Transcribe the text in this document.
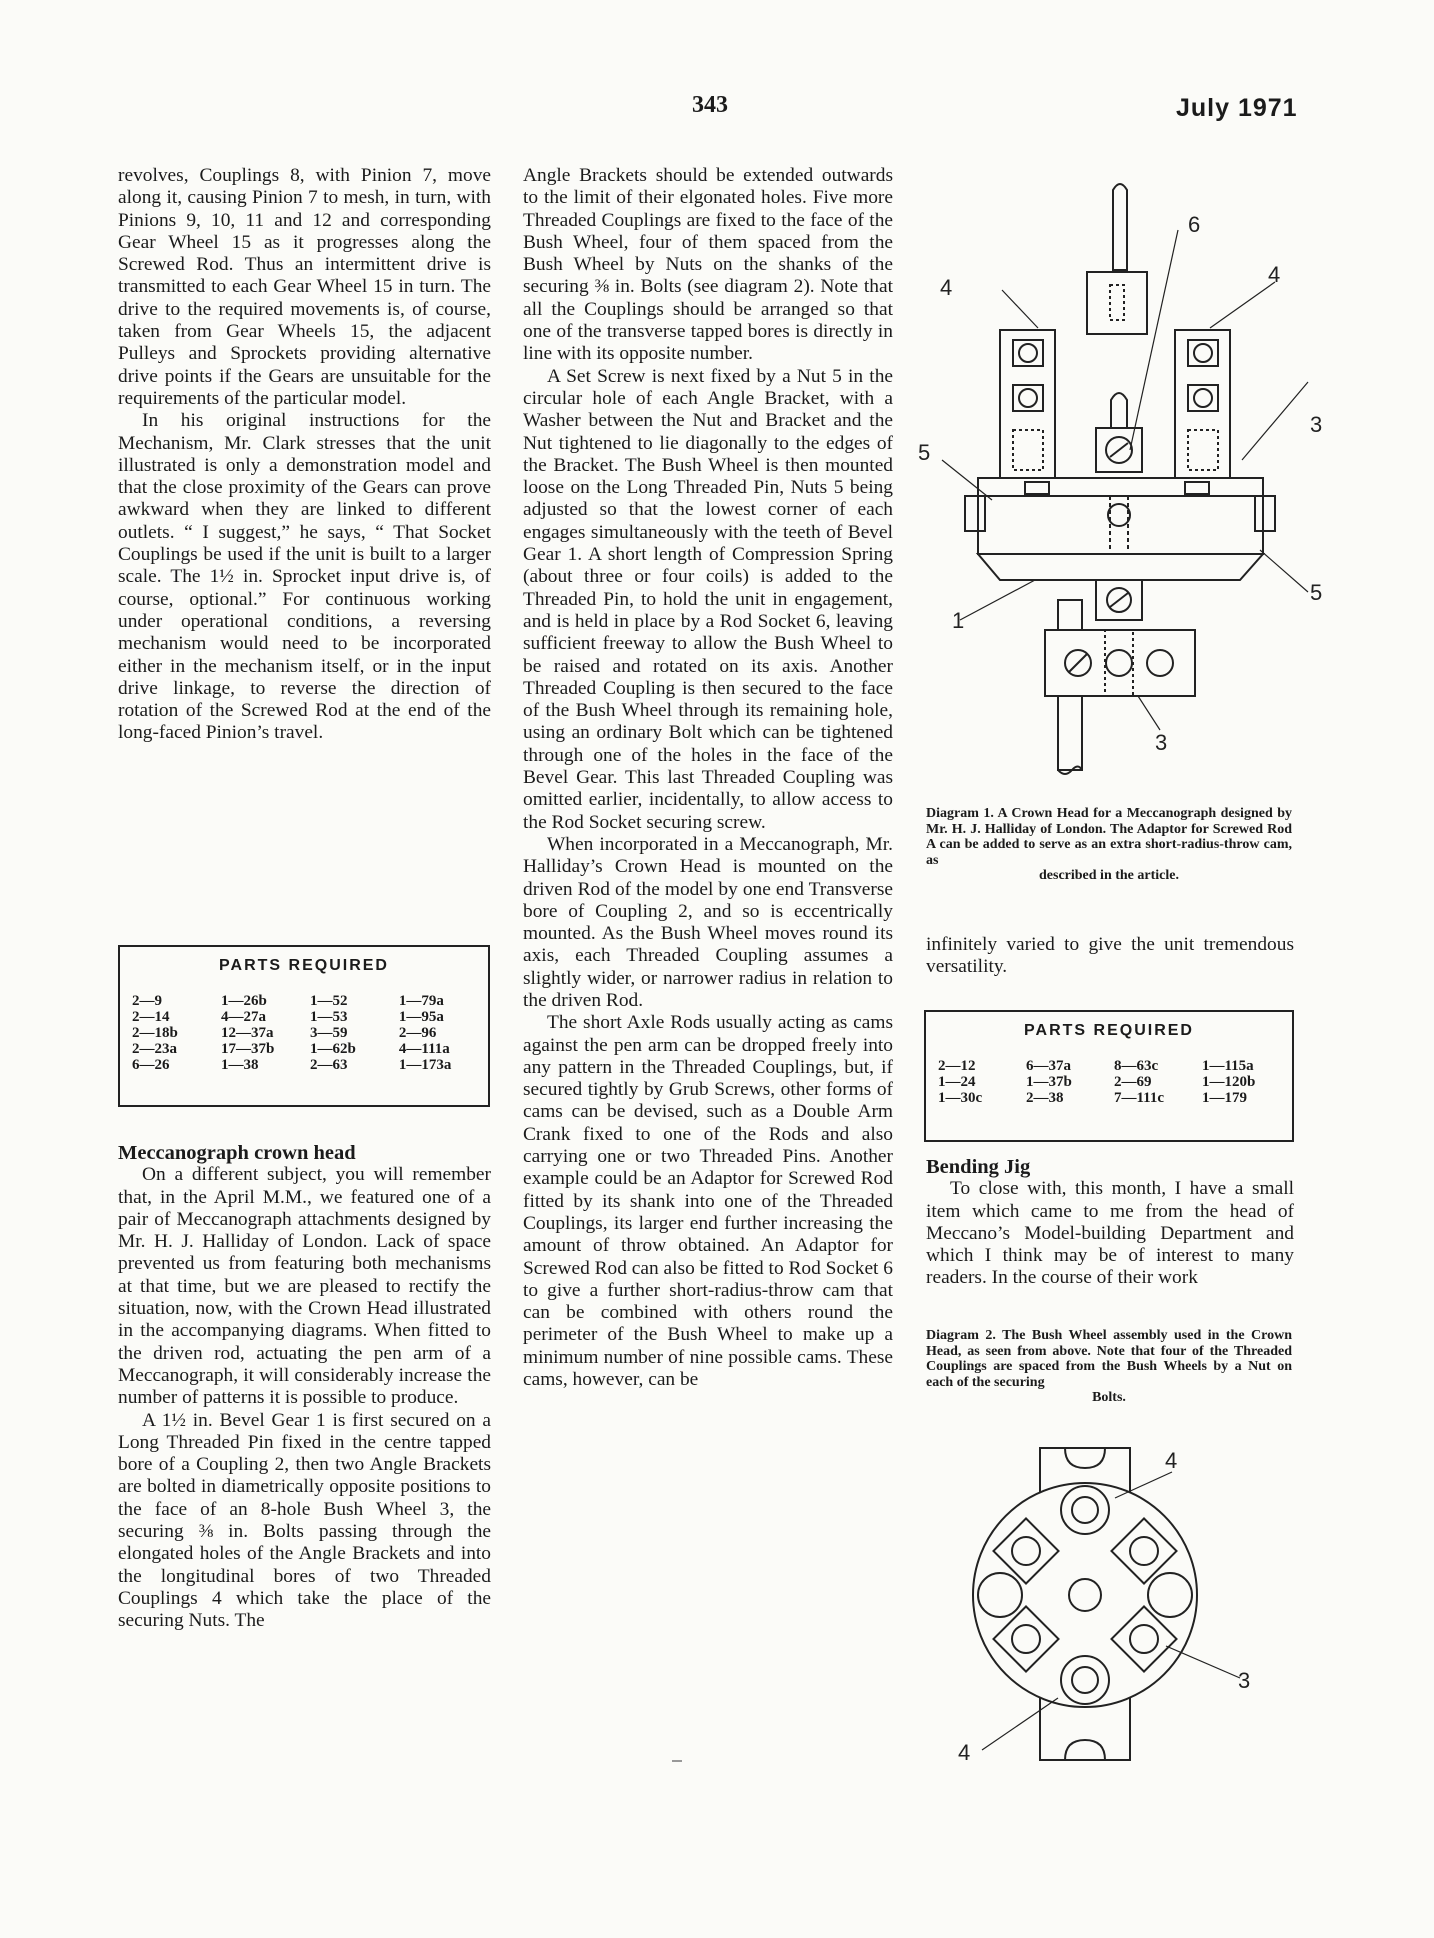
343	July 1971

revolves, Couplings 8, with Pinion 7, move along it, causing Pinion 7 to mesh, in turn, with Pinions 9, 10, 11 and 12 and corresponding Gear Wheel 15 as it progresses along the Screwed Rod. Thus an intermittent drive is transmitted to each Gear Wheel 15 in turn. The drive to the required movements is, of course, taken from Gear Wheels 15, the adjacent Pulleys and Sprockets providing alternative drive points if the Gears are unsuitable for the requirements of the particular model.

In his original instructions for the Mechanism, Mr. Clark stresses that the unit illustrated is only a demonstration model and that the close proximity of the Gears can prove awkward when they are linked to different outlets. “ I suggest,” he says, “ That Socket Couplings be used if the unit is built to a larger scale. The 1½ in. Sprocket input drive is, of course, optional.” For continuous working under operational conditions, a reversing mechanism would need to be incorporated either in the mechanism itself, or in the input drive linkage, to reverse the direction of rotation of the Screwed Rod at the end of the long-faced Pinion’s travel.

PARTS REQUIRED
2—9	1—26b	1—52	1—79a
2—14	4—27a	1—53	1—95a
2—18b	12—37a	3—59	2—96
2—23a	17—37b	1—62b	4—111a
6—26	1—38	2—63	1—173a

Meccanograph crown head

On a different subject, you will remember that, in the April M.M., we featured one of a pair of Meccanograph attachments designed by Mr. H. J. Halliday of London. Lack of space prevented us from featuring both mechanisms at that time, but we are pleased to rectify the situation, now, with the Crown Head illustrated in the accompanying diagrams. When fitted to the driven rod, actuating the pen arm of a Meccanograph, it will considerably increase the number of patterns it is possible to produce.

A 1½ in. Bevel Gear 1 is first secured on a Long Threaded Pin fixed in the centre tapped bore of a Coupling 2, then two Angle Brackets are bolted in diametrically opposite positions to the face of an 8-hole Bush Wheel 3, the securing ⅜ in. Bolts passing through the elongated holes of the Angle Brackets and into the longitudinal bores of two Threaded Couplings 4 which take the place of the securing Nuts. The

Angle Brackets should be extended outwards to the limit of their elgonated holes. Five more Threaded Couplings are fixed to the face of the Bush Wheel, four of them spaced from the Bush Wheel by Nuts on the shanks of the securing ⅜ in. Bolts (see diagram 2). Note that all the Couplings should be arranged so that one of the transverse tapped bores is directly in line with its opposite number.

A Set Screw is next fixed by a Nut 5 in the circular hole of each Angle Bracket, with a Washer between the Nut and Bracket and the Nut tightened to lie diagonally to the edges of the Bracket. The Bush Wheel is then mounted loose on the Long Threaded Pin, Nuts 5 being adjusted so that the lowest corner of each engages simultaneously with the teeth of Bevel Gear 1. A short length of Compression Spring (about three or four coils) is added to the Threaded Pin, to hold the unit in engagement, and is held in place by a Rod Socket 6, leaving sufficient freeway to allow the Bush Wheel to be raised and rotated on its axis. Another Threaded Coupling is then secured to the face of the Bush Wheel through its remaining hole, using an ordinary Bolt which can be tightened through one of the holes in the face of the Bevel Gear. This last Threaded Coupling was omitted earlier, incidentally, to allow access to the Rod Socket securing screw.

When incorporated in a Meccanograph, Mr. Halliday’s Crown Head is mounted on the driven Rod of the model by one end Transverse bore of Coupling 2, and so is eccentrically mounted. As the Bush Wheel moves round its axis, each Threaded Coupling assumes a slightly wider, or narrower radius in relation to the driven Rod.

The short Axle Rods usually acting as cams against the pen arm can be dropped freely into any pattern in the Threaded Couplings, but, if secured tightly by Grub Screws, other forms of cams can be devised, such as a Double Arm Crank fixed to one of the Rods and also carrying one or two Threaded Pins. Another example could be an Adaptor for Screwed Rod fitted by its shank into one of the Threaded Couplings, its larger end further increasing the amount of throw obtained. An Adaptor for Screwed Rod can also be fitted to Rod Socket 6 to give a further short-radius-throw cam that can be combined with others round the perimeter of the Bush Wheel to make up a minimum number of nine possible cams. These cams, however, can be

6
4
4
3
5
5
1
3
Diagram 1. A Crown Head for a Meccanograph designed by Mr. H. J. Halliday of London. The Adaptor for Screwed Rod A can be added to serve as an extra short-radius-throw cam, as
described in the article.

infinitely varied to give the unit tremendous versatility.

PARTS REQUIRED
2—12	6—37a	8—63c	1—115a
1—24	1—37b	2—69	1—120b
1—30c	2—38	7—111c	1—179

Bending Jig

To close with, this month, I have a small item which came to me from the head of Meccano’s Model-building Department and which I think may be of interest to many readers. In the course of their work

Diagram 2. The Bush Wheel assembly used in the Crown Head, as seen from above. Note that four of the Threaded Couplings are spaced from the Bush Wheels by a Nut on each of the securing
Bolts.
4
3
4
